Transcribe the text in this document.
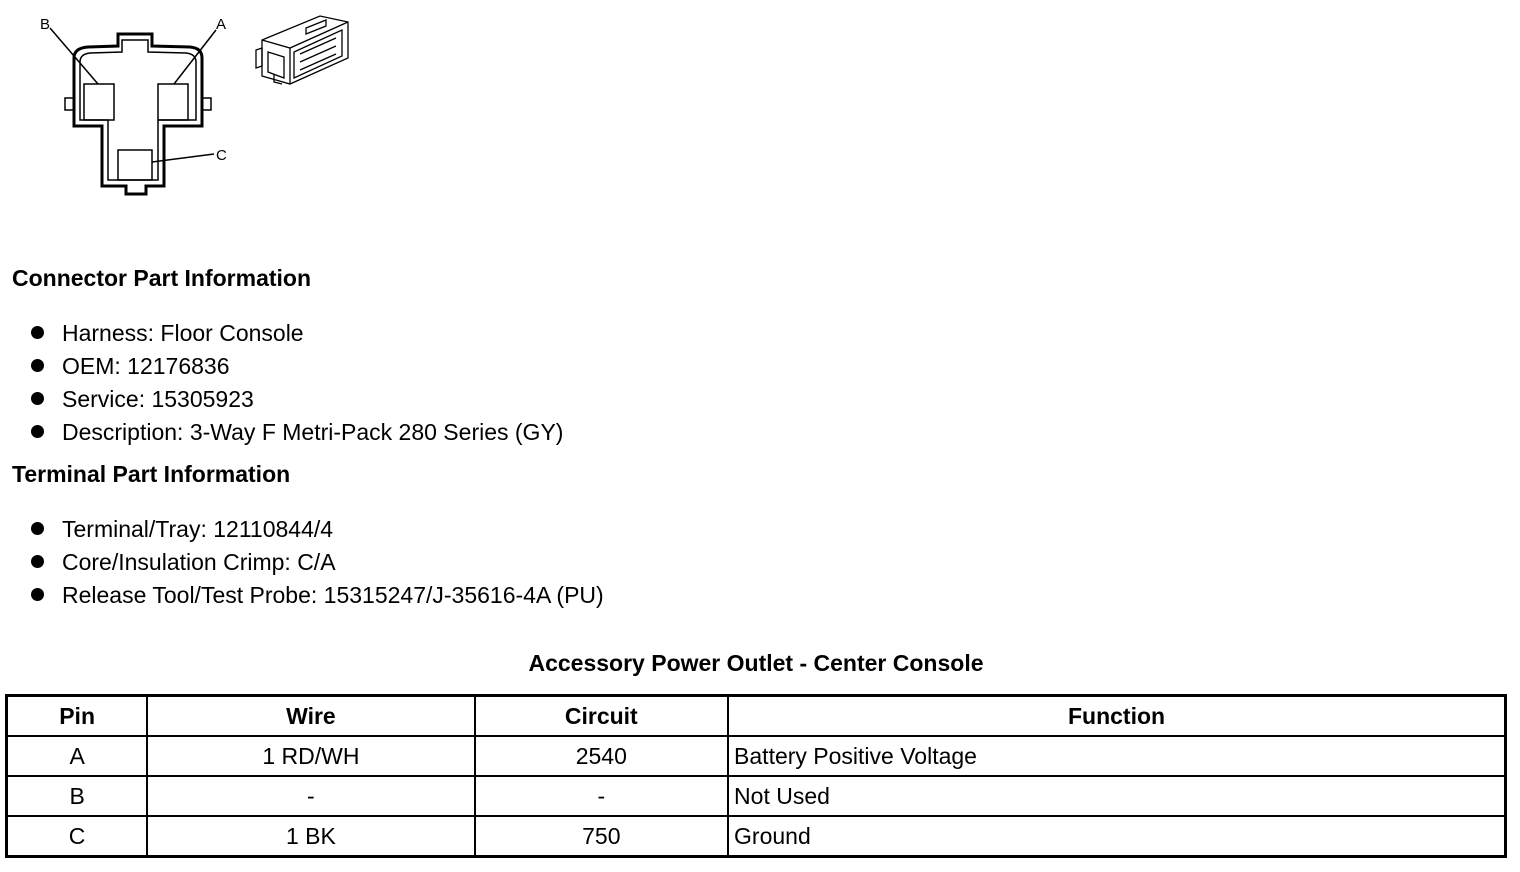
B	A
C
Connector Part Information
Harness: Floor Console
OEM: 12176836
Service: 15305923
Description: 3-Way F Metri-Pack 280 Series (GY)
Terminal Part Information
Terminal/Tray: 12110844/4
Core/Insulation Crimp: C/A
Release Tool/Test Probe: 15315247/J-35616-4A (PU)
Accessory Power Outlet - Center Console
Pin	Wire	Circuit	Function
A	1 RD/WH	2540	Battery Positive Voltage
B	-	-	Not Used
C	1 BK	750	Ground
